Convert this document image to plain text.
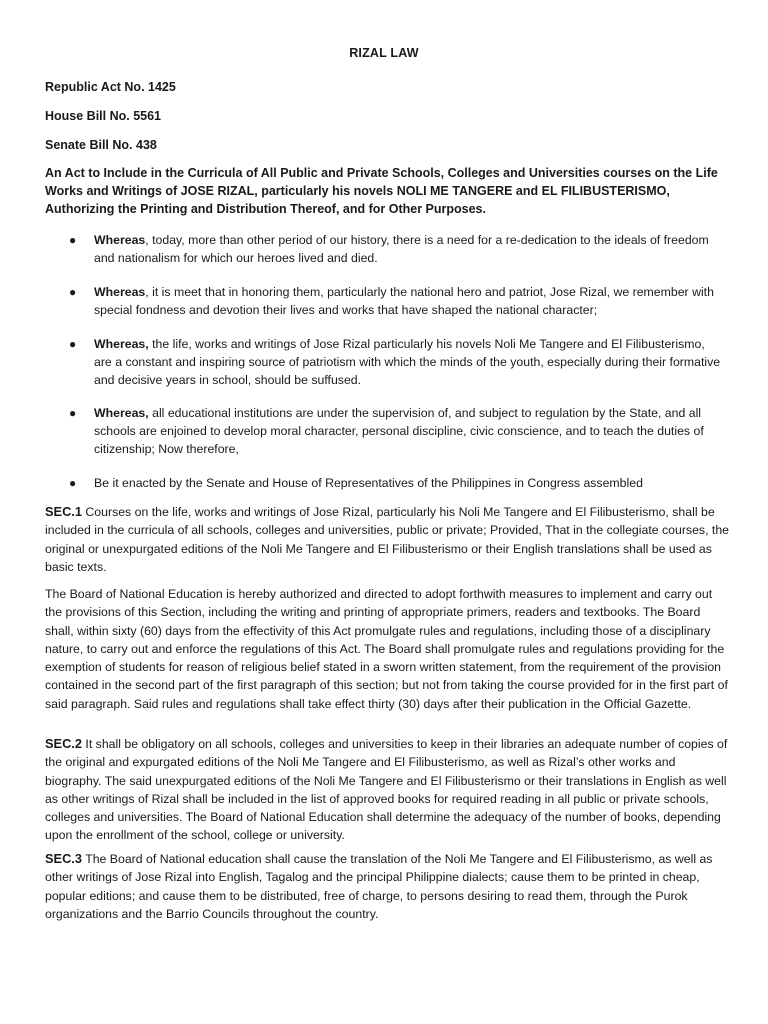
RIZAL LAW
Republic Act No. 1425
House Bill No. 5561
Senate Bill No. 438
An Act to Include in the Curricula of All Public and Private Schools, Colleges and Universities courses on the Life Works and Writings of JOSE RIZAL, particularly his novels NOLI ME TANGERE and EL FILIBUSTERISMO, Authorizing the Printing and Distribution Thereof, and for Other Purposes.
● Whereas, today, more than other period of our history, there is a need for a re-dedication to the ideals of freedom and nationalism for which our heroes lived and died.
● Whereas, it is meet that in honoring them, particularly the national hero and patriot, Jose Rizal, we remember with special fondness and devotion their lives and works that have shaped the national character;
● Whereas, the life, works and writings of Jose Rizal particularly his novels Noli Me Tangere and El Filibusterismo, are a constant and inspiring source of patriotism with which the minds of the youth, especially during their formative and decisive years in school, should be suffused.
● Whereas, all educational institutions are under the supervision of, and subject to regulation by the State, and all schools are enjoined to develop moral character, personal discipline, civic conscience, and to teach the duties of citizenship; Now therefore,
● Be it enacted by the Senate and House of Representatives of the Philippines in Congress assembled
SEC.1 Courses on the life, works and writings of Jose Rizal, particularly his Noli Me Tangere and El Filibusterismo, shall be included in the curricula of all schools, colleges and universities, public or private; Provided, That in the collegiate courses, the original or unexpurgated editions of the Noli Me Tangere and El Filibusterismo or their English translations shall be used as basic texts.
The Board of National Education is hereby authorized and directed to adopt forthwith measures to implement and carry out the provisions of this Section, including the writing and printing of appropriate primers, readers and textbooks. The Board shall, within sixty (60) days from the effectivity of this Act promulgate rules and regulations, including those of a disciplinary nature, to carry out and enforce the regulations of this Act. The Board shall promulgate rules and regulations providing for the exemption of students for reason of religious belief stated in a sworn written statement, from the requirement of the provision contained in the second part of the first paragraph of this section; but not from taking the course provided for in the first part of said paragraph. Said rules and regulations shall take effect thirty (30) days after their publication in the Official Gazette.
SEC.2 It shall be obligatory on all schools, colleges and universities to keep in their libraries an adequate number of copies of the original and expurgated editions of the Noli Me Tangere and El Filibusterismo, as well as Rizal’s other works and biography. The said unexpurgated editions of the Noli Me Tangere and El Filibusterismo or their translations in English as well as other writings of Rizal shall be included in the list of approved books for required reading in all public or private schools, colleges and universities. The Board of National Education shall determine the adequacy of the number of books, depending upon the enrollment of the school, college or university.
SEC.3 The Board of National education shall cause the translation of the Noli Me Tangere and El Filibusterismo, as well as other writings of Jose Rizal into English, Tagalog and the principal Philippine dialects; cause them to be printed in cheap, popular editions; and cause them to be distributed, free of charge, to persons desiring to read them, through the Purok organizations and the Barrio Councils throughout the country.
